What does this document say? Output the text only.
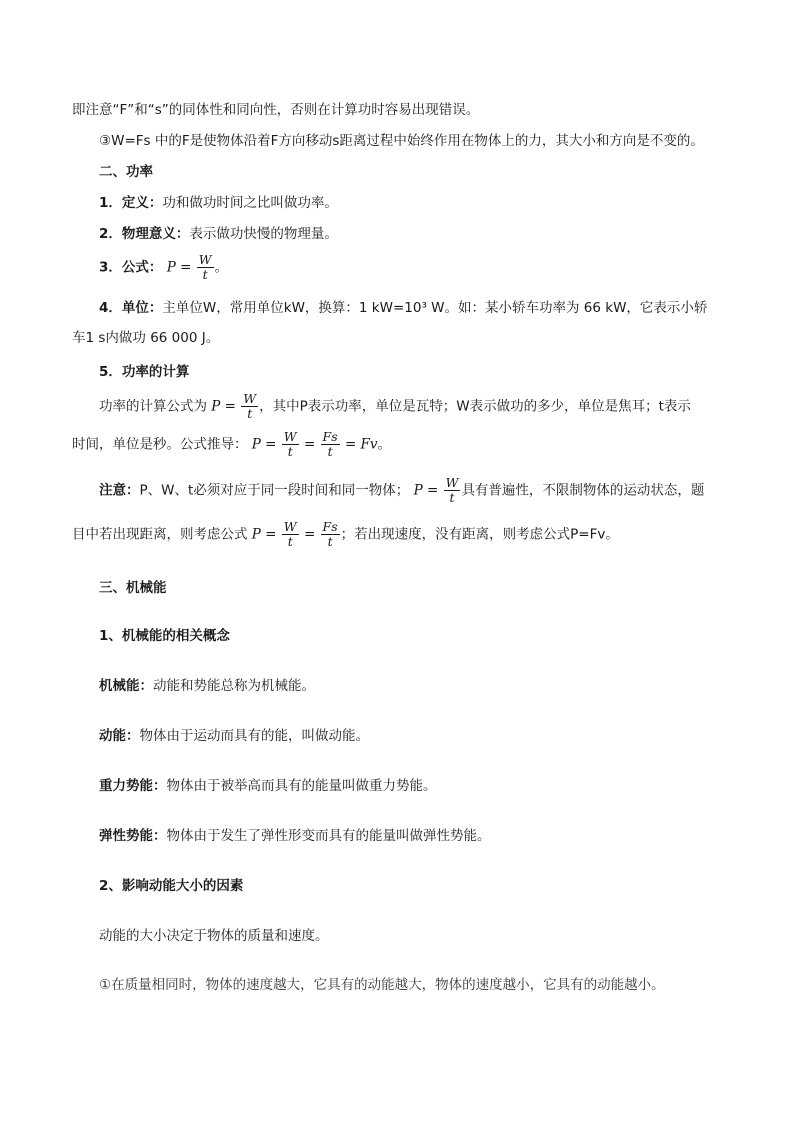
即注意“F”和“s”的同体性和同向性，否则在计算功时容易出现错误。
③W=Fs 中的F是使物体沿着F方向移动s距离过程中始终作用在物体上的力，其大小和方向是不变的。
二、功率
1．定义：功和做功时间之比叫做功率。
2．物理意义：表示做功快慢的物理量。
3．公式： $P = \frac{W}{t}$ 。
4．单位：主单位W，常用单位kW，换算：1 kW=10³ W。如：某小轿车功率为 66 kW，它表示小轿
车1 s内做功 66 000 J。
5．功率的计算
功率的计算公式为 $P = \frac{W}{t}$ ，其中P表示功率，单位是瓦特；W表示做功的多少，单位是焦耳；t表示
时间，单位是秒。公式推导： $P = \frac{W}{t} = \frac{Fs}{t} = Fv$。
注意：P、W、t必须对应于同一段时间和同一物体； $P = \frac{W}{t}$ 具有普遍性，不限制物体的运动状态，题
目中若出现距离，则考虑公式 $P = \frac{W}{t} = \frac{Fs}{t}$ ；若出现速度，没有距离，则考虑公式P=Fv。
三、机械能
1、机械能的相关概念
机械能：动能和势能总称为机械能。
动能：物体由于运动而具有的能，叫做动能。
重力势能：物体由于被举高而具有的能量叫做重力势能。
弹性势能：物体由于发生了弹性形变而具有的能量叫做弹性势能。
2、影响动能大小的因素
动能的大小决定于物体的质量和速度。
①在质量相同时，物体的速度越大，它具有的动能越大，物体的速度越小，它具有的动能越小。
